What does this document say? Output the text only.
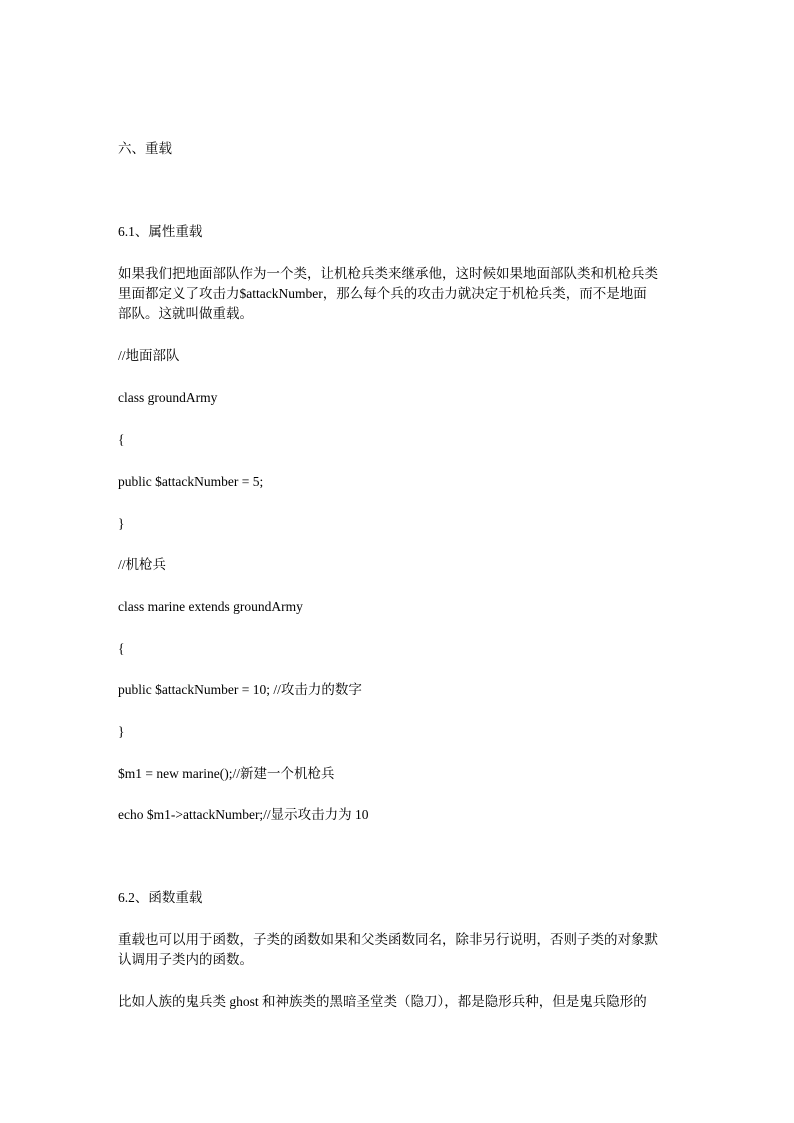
六、重载
6.1、属性重载
如果我们把地面部队作为一个类，让机枪兵类来继承他，这时候如果地面部队类和机枪兵类
里面都定义了攻击力$attackNumber，那么每个兵的攻击力就决定于机枪兵类，而不是地面
部队。这就叫做重载。
//地面部队
class groundArmy
{
public $attackNumber = 5;
}
//机枪兵
class marine extends groundArmy
{
public $attackNumber = 10; //攻击力的数字
}
$m1 = new marine();//新建一个机枪兵
echo $m1->attackNumber;//显示攻击力为 10
6.2、函数重载
重载也可以用于函数，子类的函数如果和父类函数同名，除非另行说明，否则子类的对象默
认调用子类内的函数。
比如人族的鬼兵类 ghost 和神族类的黑暗圣堂类（隐刀），都是隐形兵种，但是鬼兵隐形的
